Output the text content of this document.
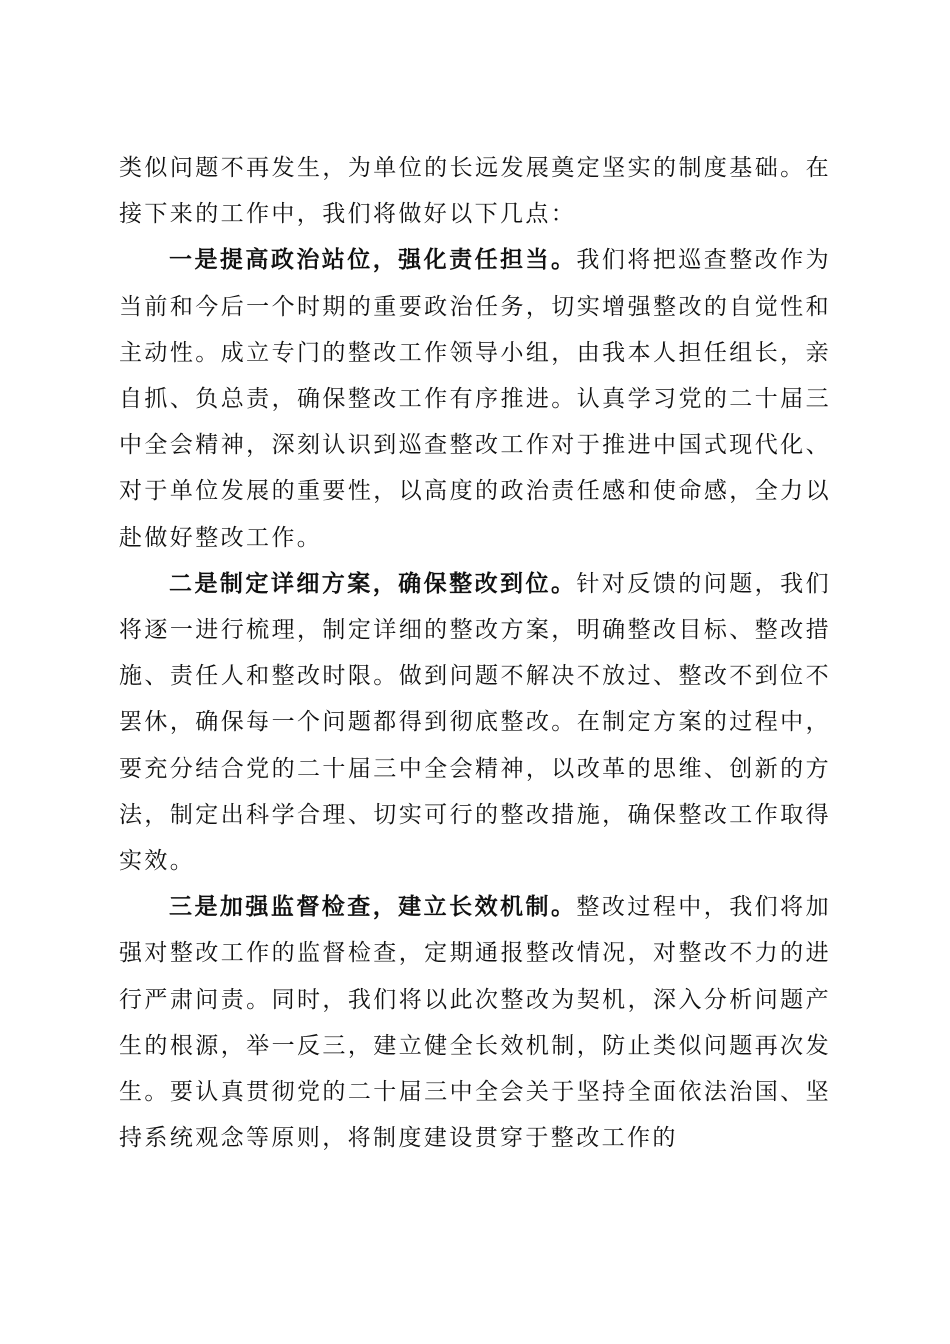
类似问题不再发生，为单位的长远发展奠定坚实的制度基础。在接下来的工作中，我们将做好以下几点：

一是提高政治站位，强化责任担当。我们将把巡查整改作为当前和今后一个时期的重要政治任务，切实增强整改的自觉性和主动性。成立专门的整改工作领导小组，由我本人担任组长，亲自抓、负总责，确保整改工作有序推进。认真学习党的二十届三中全会精神，深刻认识到巡查整改工作对于推进中国式现代化、对于单位发展的重要性，以高度的政治责任感和使命感，全力以赴做好整改工作。

二是制定详细方案，确保整改到位。针对反馈的问题，我们将逐一进行梳理，制定详细的整改方案，明确整改目标、整改措施、责任人和整改时限。做到问题不解决不放过、整改不到位不罢休，确保每一个问题都得到彻底整改。在制定方案的过程中，要充分结合党的二十届三中全会精神，以改革的思维、创新的方法，制定出科学合理、切实可行的整改措施，确保整改工作取得实效。

三是加强监督检查，建立长效机制。整改过程中，我们将加强对整改工作的监督检查，定期通报整改情况，对整改不力的进行严肃问责。同时，我们将以此次整改为契机，深入分析问题产生的根源，举一反三，建立健全长效机制，防止类似问题再次发生。要认真贯彻党的二十届三中全会关于坚持全面依法治国、坚持系统观念等原则，将制度建设贯穿于整改工作的
